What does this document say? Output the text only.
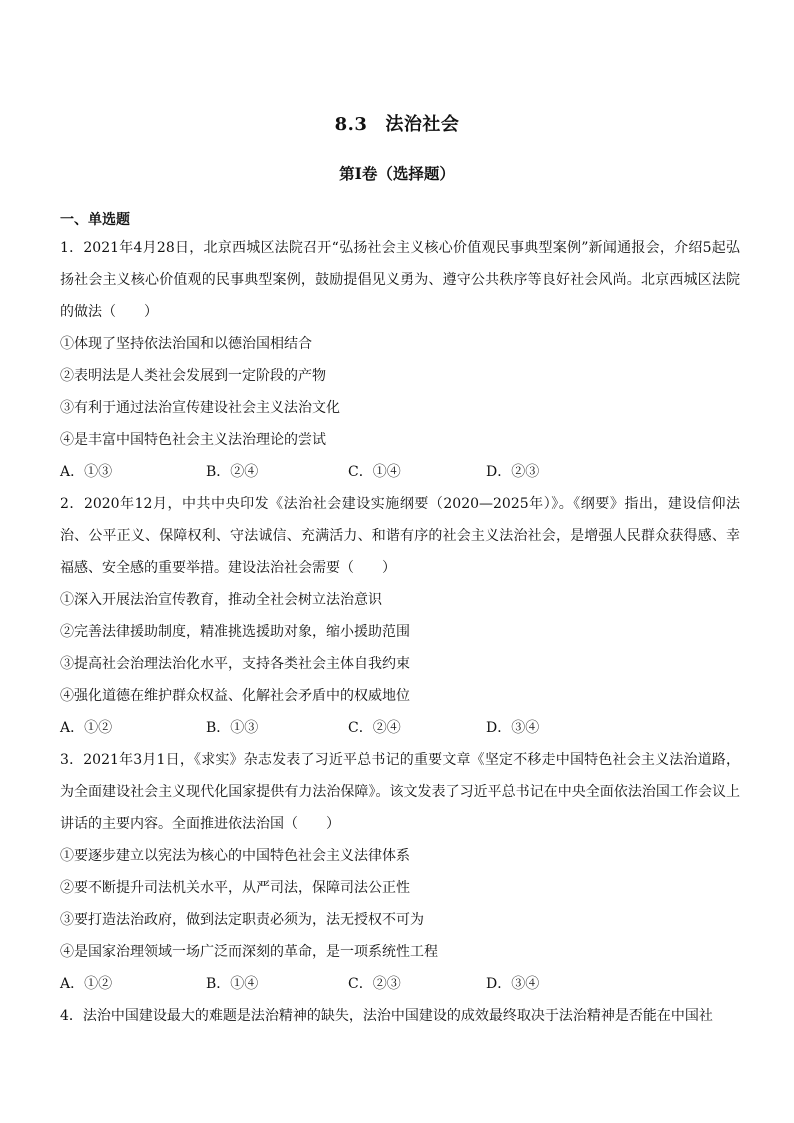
8.3 法治社会
第I卷（选择题）
一、单选题
1．2021年4月28日，北京西城区法院召开“弘扬社会主义核心价值观民事典型案例”新闻通报会，介绍5起弘扬社会主义核心价值观的民事典型案例，鼓励提倡见义勇为、遵守公共秩序等良好社会风尚。北京西城区法院的做法（　　）
①体现了坚持依法治国和以德治国相结合
②表明法是人类社会发展到一定阶段的产物
③有利于通过法治宣传建设社会主义法治文化
④是丰富中国特色社会主义法治理论的尝试
A．①③	B．②④	C．①④	D．②③
2．2020年12月，中共中央印发《法治社会建设实施纲要（2020—2025年）》。《纲要》指出，建设信仰法治、公平正义、保障权利、守法诚信、充满活力、和谐有序的社会主义法治社会，是增强人民群众获得感、幸福感、安全感的重要举措。建设法治社会需要（　　）
①深入开展法治宣传教育，推动全社会树立法治意识
②完善法律援助制度，精准挑选援助对象，缩小援助范围
③提高社会治理法治化水平，支持各类社会主体自我约束
④强化道德在维护群众权益、化解社会矛盾中的权威地位
A．①②	B．①③	C．②④	D．③④
3．2021年3月1日，《求实》杂志发表了习近平总书记的重要文章《坚定不移走中国特色社会主义法治道路，为全面建设社会主义现代化国家提供有力法治保障》。该文发表了习近平总书记在中央全面依法治国工作会议上讲话的主要内容。全面推进依法治国（　　）
①要逐步建立以宪法为核心的中国特色社会主义法律体系
②要不断提升司法机关水平，从严司法，保障司法公正性
③要打造法治政府，做到法定职责必须为，法无授权不可为
④是国家治理领域一场广泛而深刻的革命，是一项系统性工程
A．①②	B．①④	C．②③	D．③④
4．法治中国建设最大的难题是法治精神的缺失，法治中国建设的成效最终取决于法治精神是否能在中国社
